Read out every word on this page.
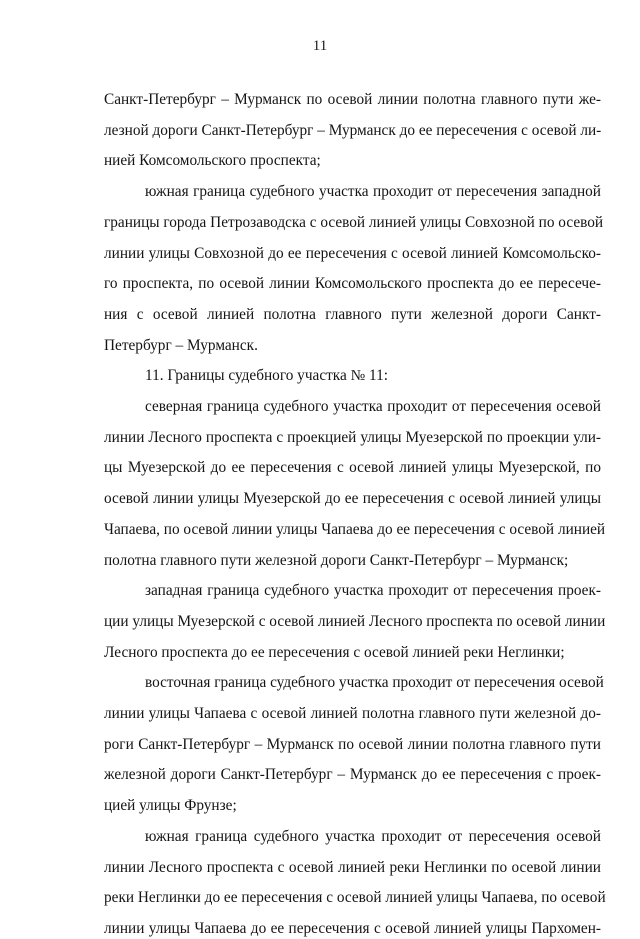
11
Санкт-Петербург – Мурманск по осевой линии полотна главного пути же-
лезной дороги Санкт-Петербург – Мурманск до ее пересечения с осевой ли-
нией Комсомольского проспекта;
южная граница судебного участка проходит от пересечения западной
границы города Петрозаводска с осевой линией улицы Совхозной по осевой
линии улицы Совхозной до ее пересечения с осевой линией Комсомольско-
го проспекта, по осевой линии Комсомольского проспекта до ее пересече-
ния с осевой линией полотна главного пути железной дороги Санкт-
Петербург – Мурманск.
11. Границы судебного участка № 11:
северная граница судебного участка проходит от пересечения осевой
линии Лесного проспекта с проекцией улицы Муезерской по проекции ули-
цы Муезерской до ее пересечения с осевой линией улицы Муезерской, по
осевой линии улицы Муезерской до ее пересечения с осевой линией улицы
Чапаева, по осевой линии улицы Чапаева до ее пересечения с осевой линией
полотна главного пути железной дороги Санкт-Петербург – Мурманск;
западная граница судебного участка проходит от пересечения проек-
ции улицы Муезерской с осевой линией Лесного проспекта по осевой линии
Лесного проспекта до ее пересечения с осевой линией реки Неглинки;
восточная граница судебного участка проходит от пересечения осевой
линии улицы Чапаева с осевой линией полотна главного пути железной до-
роги Санкт-Петербург – Мурманск по осевой линии полотна главного пути
железной дороги Санкт-Петербург – Мурманск до ее пересечения с проек-
цией улицы Фрунзе;
южная граница судебного участка проходит от пересечения осевой
линии Лесного проспекта с осевой линией реки Неглинки по осевой линии
реки Неглинки до ее пересечения с осевой линией улицы Чапаева, по осевой
линии улицы Чапаева до ее пересечения с осевой линией улицы Пархомен-
